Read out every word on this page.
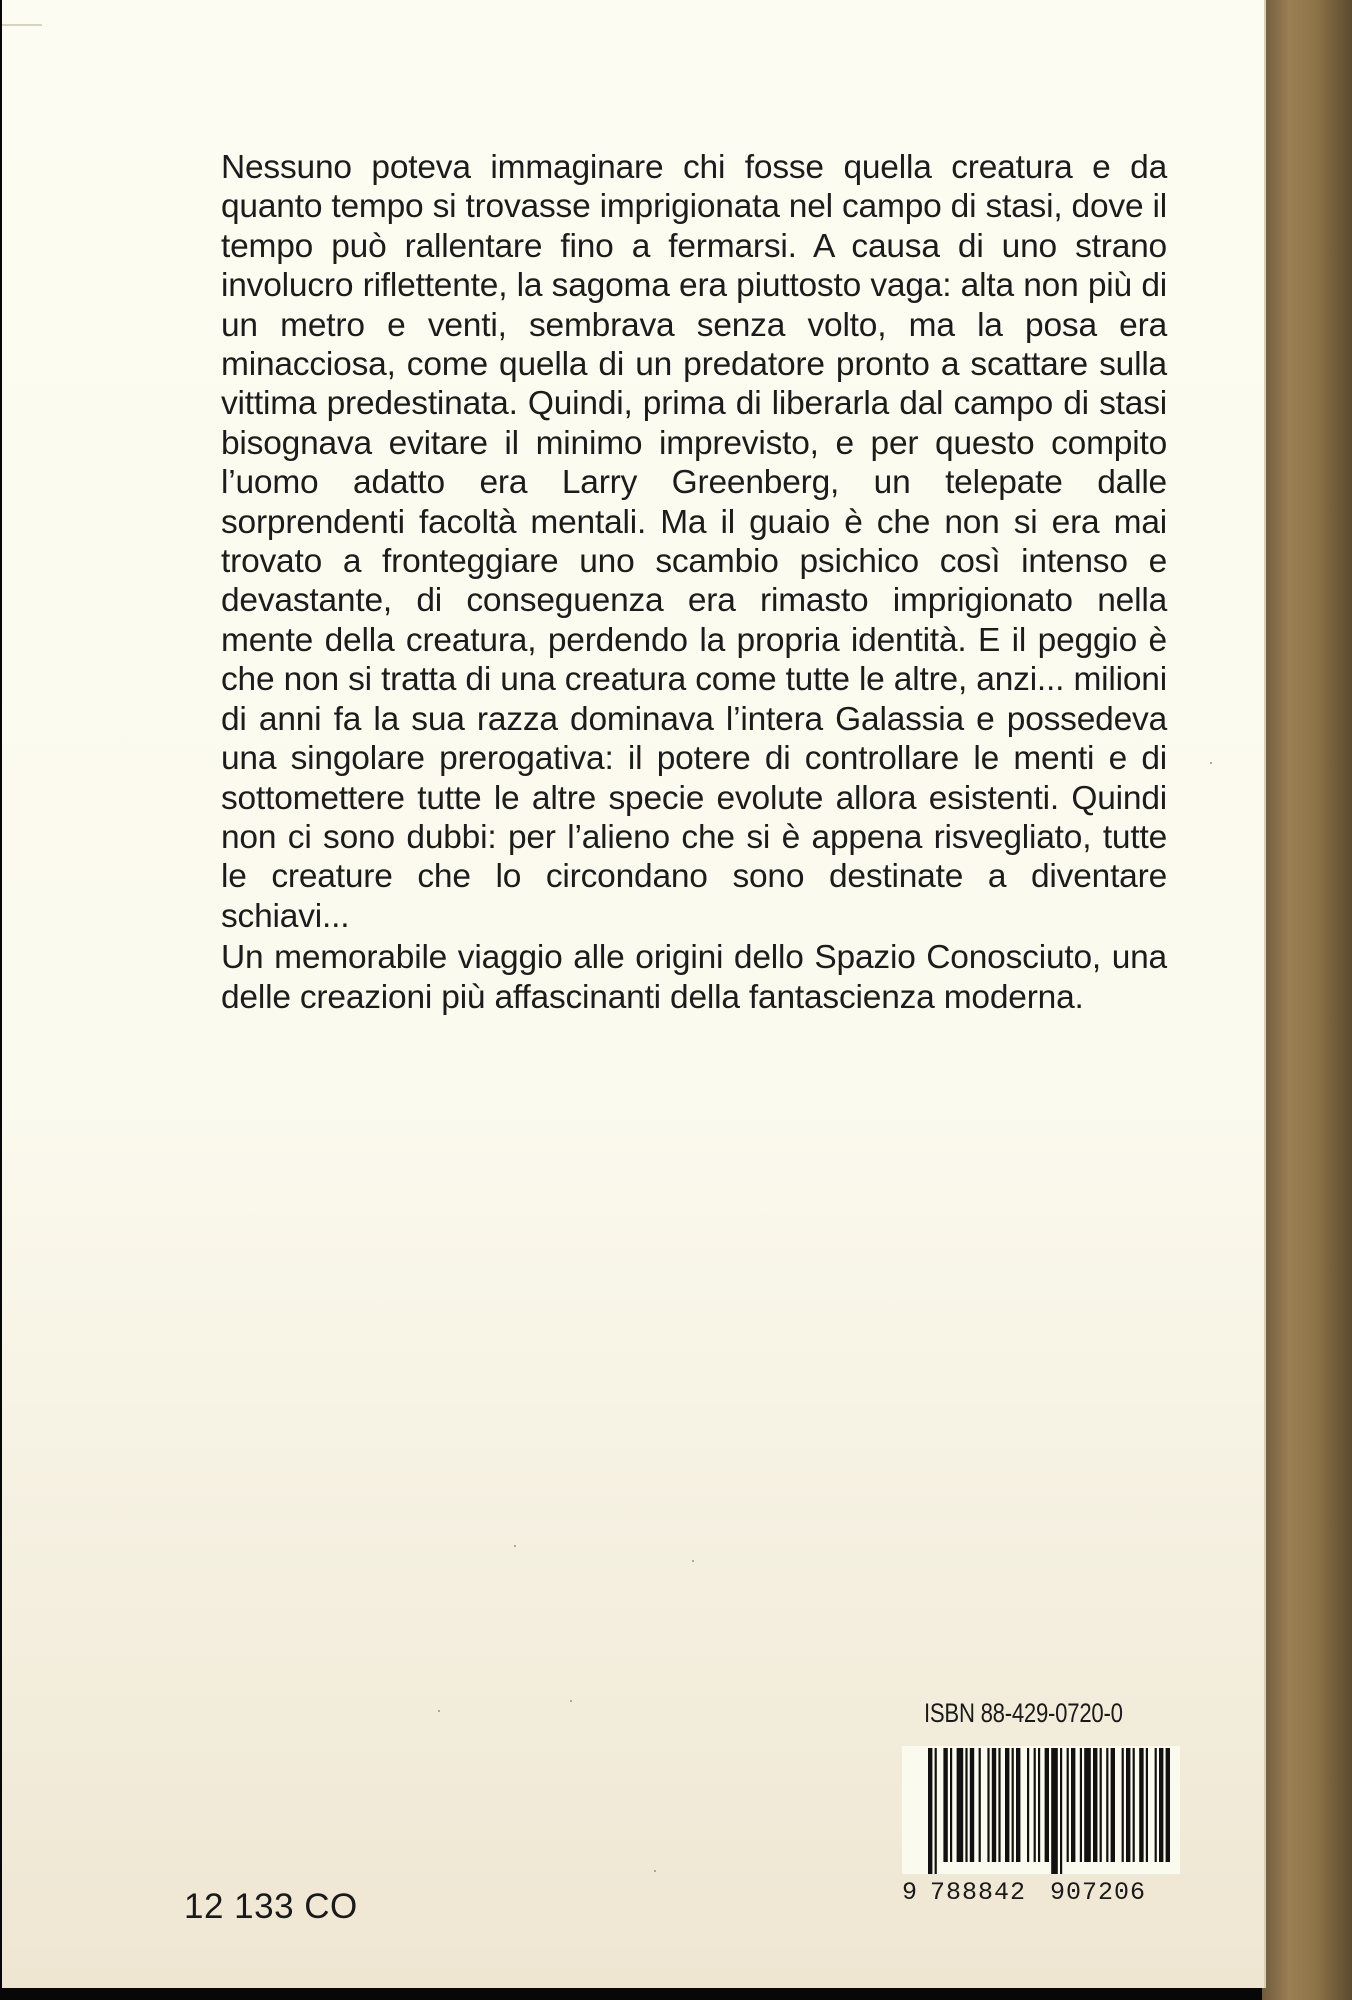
Nessuno poteva immaginare chi fosse quella creatura e da quanto tempo si trovasse imprigionata nel campo di stasi, dove il tempo può rallentare fino a fermarsi. A causa di uno strano involucro riflettente, la sagoma era piuttosto vaga: alta non più di un metro e venti, sembrava senza volto, ma la posa era minacciosa, come quella di un predatore pronto a scattare sulla vittima predestinata. Quindi, prima di liberarla dal campo di stasi bisognava evitare il minimo imprevisto, e per questo compito l’uomo adatto era Larry Greenberg, un telepate dalle sorprendenti facoltà mentali. Ma il guaio è che non si era mai trovato a fronteggiare uno scambio psichico così intenso e devastante, di conseguenza era rimasto imprigionato nella mente della creatura, perdendo la propria identità. E il peggio è che non si tratta di una creatura come tutte le altre, anzi... milioni di anni fa la sua razza dominava l’intera Galassia e possedeva una singolare prerogativa: il potere di controllare le menti e di sottomettere tutte le altre specie evolute allora esistenti. Quindi non ci sono dubbi: per l’alieno che si è appena risvegliato, tutte le creature che lo circondano sono destinate a diventare schiavi...

Un memorabile viaggio alle origini dello Spazio Conosciuto, una delle creazioni più affascinanti della fantascienza moderna.

ISBN 88-429-0720-0
9 788842 907206
12 133 CO
